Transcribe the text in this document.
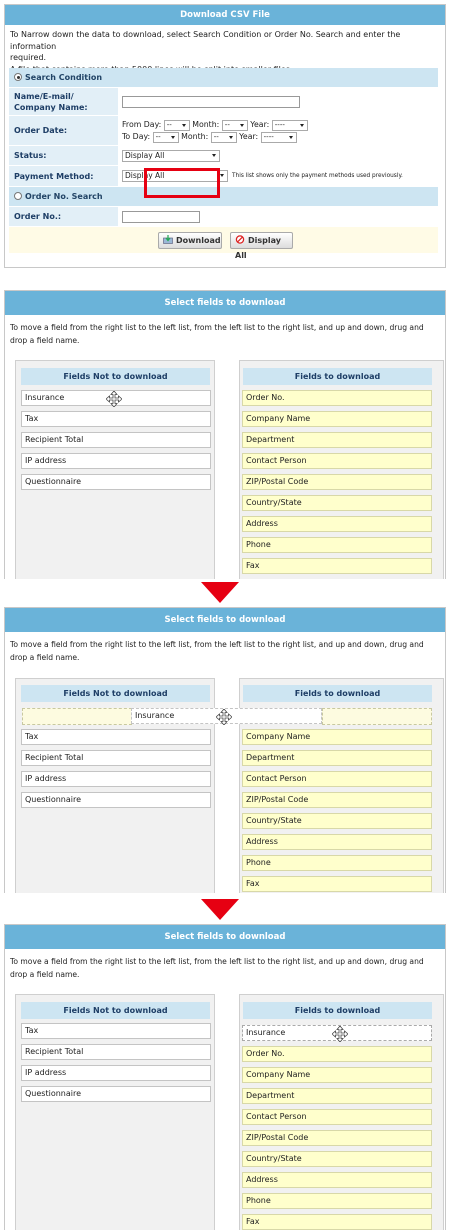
Download CSV File
To Narrow down the data to download, select Search Condition or Order No. Search and enter the information
required.
Search Condition
Name/E-mail/
Company Name:
Order Date:
From Day: --	Month: --	Year: ----
To Day: --	Month: --	Year: ----
Status:	Display All
Payment Method:	Display All	This list shows only the payment methods used previously.
Order No. Search
Order No.:
Download	Display All
Select fields to download
To move a field from the right list to the left list, from the left list to the right list, and up and down, drug and
drop a field name.
Fields Not to download	Fields to download
Insurance
Tax
Recipient Total
IP address
Questionnaire
Order No.
Company Name
Department
Contact Person
ZIP/Postal Code
Country/State
Address
Phone
Fax
Select fields to download
To move a field from the right list to the left list, from the left list to the right list, and up and down, drug and
drop a field name.
Fields Not to download	Fields to download
Insurance
Tax
Recipient Total
IP address
Questionnaire
Company Name
Department
Contact Person
ZIP/Postal Code
Country/State
Address
Phone
Fax
Select fields to download
To move a field from the right list to the left list, from the left list to the right list, and up and down, drug and
drop a field name.
Fields Not to download	Fields to download
Tax
Recipient Total
IP address
Questionnaire
Insurance
Order No.
Company Name
Department
Contact Person
ZIP/Postal Code
Country/State
Address
Phone
Fax
